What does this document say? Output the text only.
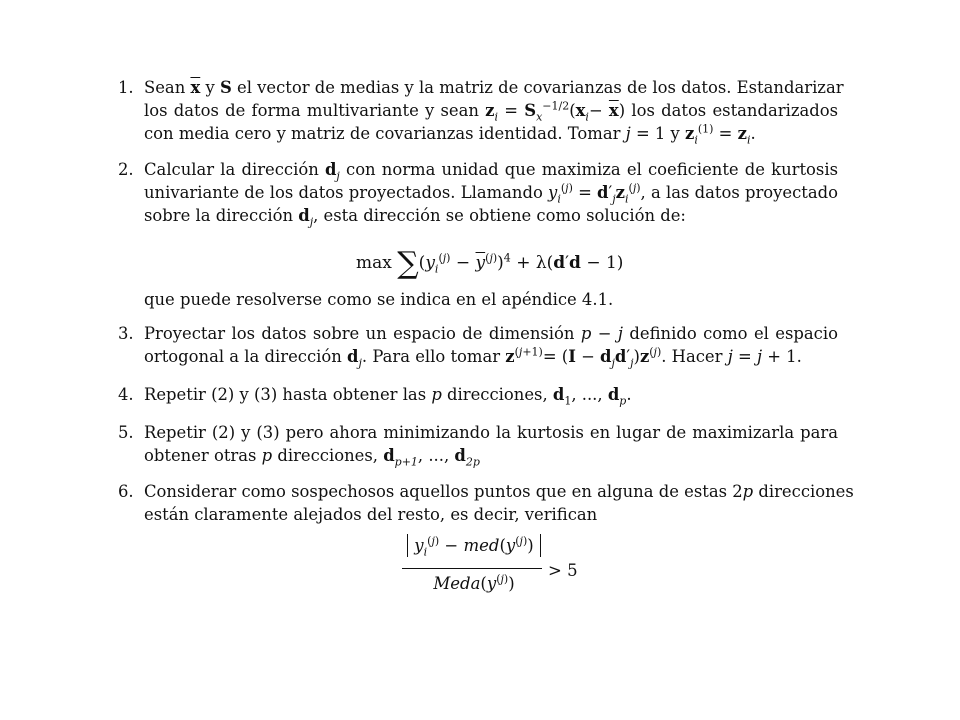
1. Sean $\overline{x}$ y S el vector de medias y la matriz de covarianzas de los datos. Estandarizar
los datos de forma multivariante y sean $z_i = S_x^{-1/2}(x_i- \overline{x})$ los datos estandarizados
con media cero y matriz de covarianzas identidad. Tomar j = 1 y $z_i^{(1)} = z_i$.
2. Calcular la dirección $d_j$ con norma unidad que maximiza el coeficiente de kurtosis
univariante de los datos proyectados. Llamando $y_i^{(j)} = d'_jz_i^{(j)}$, a las datos proyectado
sobre la dirección $d_j$, esta dirección se obtiene como solución de:
$\max \sum(y_i^{(j)} - \overline{y}^{(j)})^4 + \lambda(d'd - 1)$
que puede resolverse como se indica en el apéndice 4.1.
3. Proyectar los datos sobre un espacio de dimensión p − j definido como el espacio
ortogonal a la dirección $d_j$. Para ello tomar $z^{(j+1)}= (I - d_jd'_j)z^{(j)}$. Hacer j = j + 1.
4. Repetir (2) y (3) hasta obtener las p direcciones, $d_1$, ..., $d_p$.
5. Repetir (2) y (3) pero ahora minimizando la kurtosis en lugar de maximizarla para
obtener otras p direcciones, $d_{p+1}$, ..., $d_{2p}$
6. Considerar como sospechosos aquellos puntos que en alguna de estas 2p direcciones
están claramente alejados del resto, es decir, verifican
$y_i^{(j)} - med(y^{(j)})$
$Meda(y^{(j)})$
> 5
